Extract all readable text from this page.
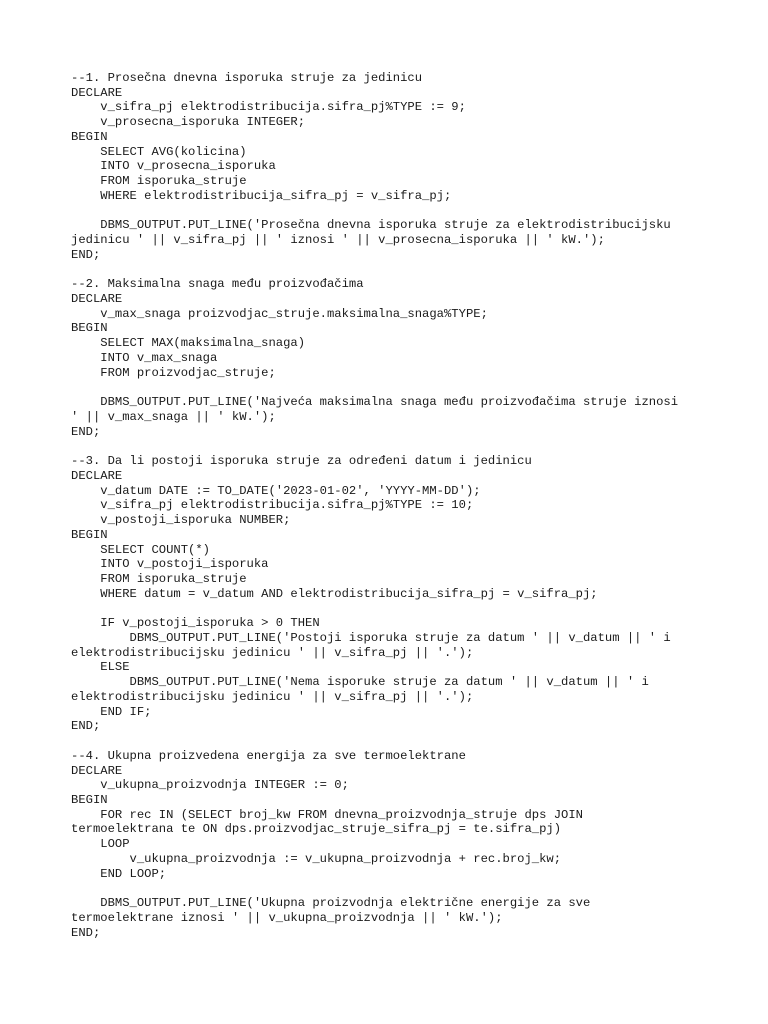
--1. Prosečna dnevna isporuka struje za jedinicu
DECLARE
v_sifra_pj elektrodistribucija.sifra_pj%TYPE := 9;
v_prosecna_isporuka INTEGER;
BEGIN
SELECT AVG(kolicina)
INTO v_prosecna_isporuka
FROM isporuka_struje
WHERE elektrodistribucija_sifra_pj = v_sifra_pj;
DBMS_OUTPUT.PUT_LINE('Prosečna dnevna isporuka struje za elektrodistribucijsku
jedinicu ' || v_sifra_pj || ' iznosi ' || v_prosecna_isporuka || ' kW.');
END;
--2. Maksimalna snaga među proizvođačima
DECLARE
v_max_snaga proizvodjac_struje.maksimalna_snaga%TYPE;
BEGIN
SELECT MAX(maksimalna_snaga)
INTO v_max_snaga
FROM proizvodjac_struje;
DBMS_OUTPUT.PUT_LINE('Najveća maksimalna snaga među proizvođačima struje iznosi
' || v_max_snaga || ' kW.');
END;
--3. Da li postoji isporuka struje za određeni datum i jedinicu
DECLARE
v_datum DATE := TO_DATE('2023-01-02', 'YYYY-MM-DD');
v_sifra_pj elektrodistribucija.sifra_pj%TYPE := 10;
v_postoji_isporuka NUMBER;
BEGIN
SELECT COUNT(*)
INTO v_postoji_isporuka
FROM isporuka_struje
WHERE datum = v_datum AND elektrodistribucija_sifra_pj = v_sifra_pj;
IF v_postoji_isporuka > 0 THEN
DBMS_OUTPUT.PUT_LINE('Postoji isporuka struje za datum ' || v_datum || ' i
elektrodistribucijsku jedinicu ' || v_sifra_pj || '.');
ELSE
DBMS_OUTPUT.PUT_LINE('Nema isporuke struje za datum ' || v_datum || ' i
elektrodistribucijsku jedinicu ' || v_sifra_pj || '.');
END IF;
END;
--4. Ukupna proizvedena energija za sve termoelektrane
DECLARE
v_ukupna_proizvodnja INTEGER := 0;
BEGIN
FOR rec IN (SELECT broj_kw FROM dnevna_proizvodnja_struje dps JOIN
termoelektrana te ON dps.proizvodjac_struje_sifra_pj = te.sifra_pj)
LOOP
v_ukupna_proizvodnja := v_ukupna_proizvodnja + rec.broj_kw;
END LOOP;
DBMS_OUTPUT.PUT_LINE('Ukupna proizvodnja električne energije za sve
termoelektrane iznosi ' || v_ukupna_proizvodnja || ' kW.');
END;
